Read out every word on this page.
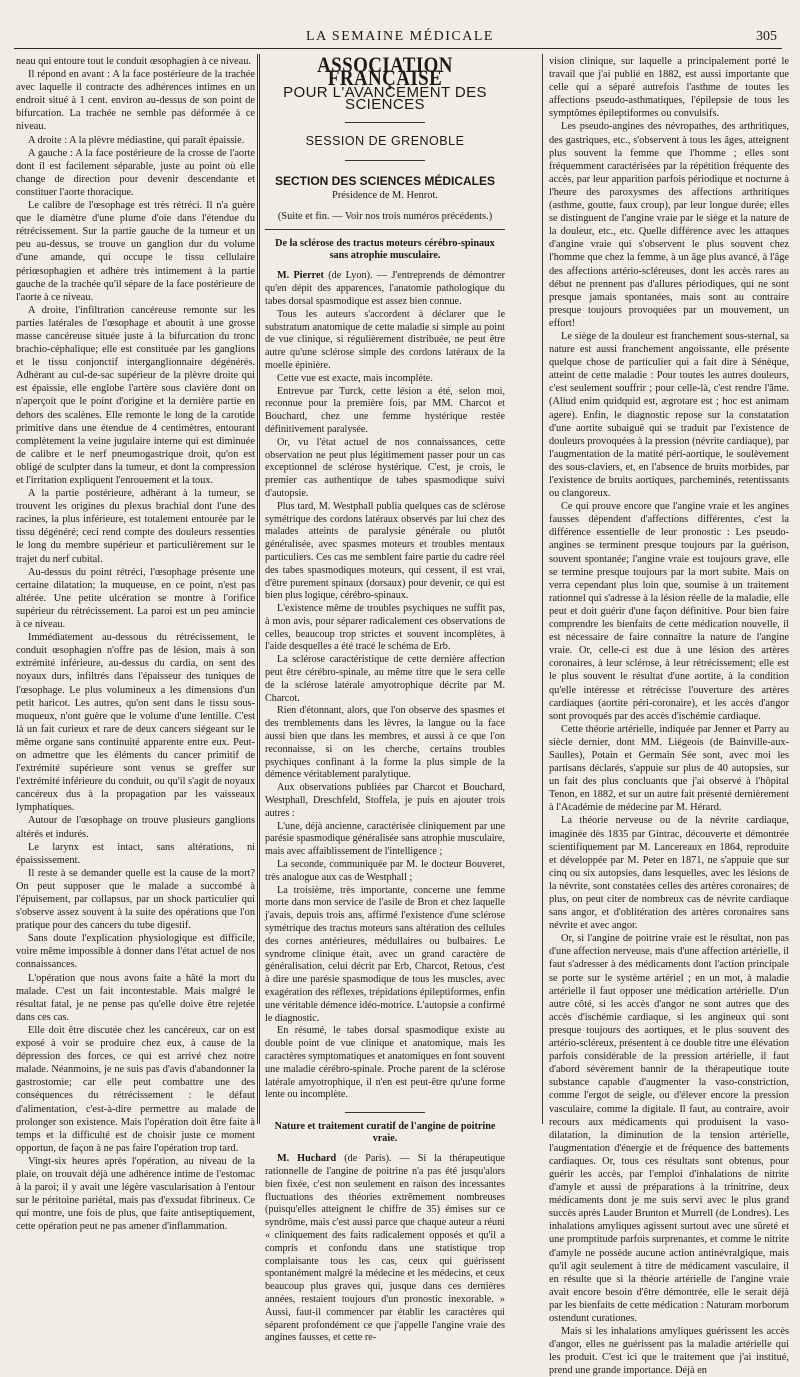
LA SEMAINE MÉDICALE	305

neau qui entoure tout le conduit œsophagien à ce niveau.

Il répond en avant : A la face postérieure de la trachée avec laquelle il contracte des adhérences intimes en un endroit situé à 1 cent. environ au-dessus de son point de bifurcation. La trachée ne semble pas déformée à ce niveau.

A droite : A la plèvre médiastine, qui paraît épaissie.

A gauche : A la face postérieure de la crosse de l'aorte dont il est facilement séparable, juste au point où elle change de direction pour devenir descendante et constituer l'aorte thoracique.

Le calibre de l'œsophage est très rétréci. Il n'a guère que le diamètre d'une plume d'oie dans l'étendue du rétrécissement. Sur la partie gauche de la tumeur et un peu au-dessus, se trouve un ganglion dur du volume d'une amande, qui occupe le tissu cellulaire périœsophagien et adhère très intimement à la partie gauche de la trachée qu'il sépare de la face postérieure de l'aorte à ce niveau.

A droite, l'infiltration cancéreuse remonte sur les parties latérales de l'œsophage et aboutit à une grosse masse cancéreuse située juste à la bifurcation du tronc brachio-céphalique; elle est constituée par les ganglions et le tissu conjonctif interganglionnaire dégénérés. Adhérant au cul-de-sac supérieur de la plèvre droite qui est épaissie, elle englobe l'artère sous clavière dont on n'aperçoit que le point d'origine et la dernière partie en dehors des scalènes. Elle remonte le long de la carotide primitive dans une étendue de 4 centimètres, entourant complètement la veine jugulaire interne qui est diminuée de calibre et le nerf pneumogastrique droit, qu'on est obligé de sculpter dans la tumeur, et dont la compression et l'irritation expliquent l'enrouement et la toux.

A la partie postérieure, adhérant à la tumeur, se trouvent les origines du plexus brachial dont l'une des racines, la plus inférieure, est totalement entourée par le tissu dégénéré; ceci rend compte des douleurs ressenties le long du membre supérieur et particulièrement sur le trajet du nerf cubital.

Au-dessus du point rétréci, l'œsophage présente une certaine dilatation; la muqueuse, en ce point, n'est pas altérée. Une petite ulcération se montre à l'orifice supérieur du rétrécissement. La paroi est un peu amincie à ce niveau.

Immédiatement au-dessous du rétrécissement, le conduit œsophagien n'offre pas de lésion, mais à son extrémité inférieure, au-dessus du cardia, on sent des noyaux durs, infiltrés dans l'épaisseur des tuniques de l'œsophage. Le plus volumineux a les dimensions d'un petit haricot. Les autres, qu'on sent dans le tissu sous-muqueux, n'ont guère que le volume d'une lentille. C'est là un fait curieux et rare de deux cancers siégeant sur le même organe sans continuité apparente entre eux. Peut-on admettre que les éléments du cancer primitif de l'extrémité supérieure sont venus se greffer sur l'extrémité inférieure du conduit, ou qu'il s'agit de noyaux cancéreux dus à la propagation par les vaisseaux lymphatiques.

Autour de l'œsophage on trouve plusieurs ganglions altérés et indurés.

Le larynx est intact, sans altérations, ni épaississement.

Il reste à se demander quelle est la cause de la mort? On peut supposer que le malade a succombé à l'épuisement, par collapsus, par un shock particulier qui s'observe assez souvent à la suite des opérations que l'on pratique pour des cancers du tube digestif.

Sans doute l'explication physiologique est difficile, voire même impossible à donner dans l'état actuel de nos connaissances.

L'opération que nous avons faite a hâté la mort du malade. C'est un fait incontestable. Mais malgré le résultat fatal, je ne pense pas qu'elle doive être rejetée dans ces cas.

Elle doit être discutée chez les cancéreux, car on est exposé à voir se produire chez eux, à cause de la dépression des forces, ce qui est arrivé chez notre malade. Néanmoins, je ne suis pas d'avis d'abandonner la gastrostomie; car elle peut combattre une des conséquences du rétrécissement : le défaut d'alimentation, c'est-à-dire permettre au malade de prolonger son existence. Mais l'opération doit être faite à temps et la difficulté est de choisir juste ce moment opportun, de façon à ne pas faire l'opération trop tard.

Vingt-six heures après l'opération, au niveau de la plaie, on trouvait déjà une adhérence intime de l'estomac à la paroi; il y avait une légère vascularisation à l'entour sur le péritoine pariétal, mais pas d'exsudat fibrineux. Ce qui montre, une fois de plus, que faite antiseptiquement, cette opération peut ne pas amener d'inflammation.

ASSOCIATION FRANÇAISE
POUR L'AVANCEMENT DES SCIENCES
SESSION DE GRENOBLE
SECTION DES SCIENCES MÉDICALES
Présidence de M. Henrot.
(Suite et fin. — Voir nos trois numéros précédents.)
De la sclérose des tractus moteurs cérébro-spinaux sans atrophie musculaire.

M. Pierret (de Lyon). — J'entreprends de démontrer qu'en dépit des apparences, l'anatomie pathologique du tabes dorsal spasmodique est assez bien connue.

Tous les auteurs s'accordent à déclarer que le substratum anatomique de cette maladie si simple au point de vue clinique, si régulièrement distribuée, ne peut être autre qu'une sclérose simple des cordons latéraux de la moelle épinière.

Cette vue est exacte, mais incomplète.

Entrevue par Turck, cette lésion a été, selon moi, reconnue pour la première fois, par MM. Charcot et Bouchard, chez une femme hystérique restée définitivement paralysée.

Or, vu l'état actuel de nos connaissances, cette observation ne peut plus légitimement passer pour un cas exceptionnel de sclérose hystérique. C'est, je crois, le premier cas authentique de tabes spasmodique suivi d'autopsie.

Plus tard, M. Westphall publia quelques cas de sclérose symétrique des cordons latéraux observés par lui chez des malades atteints de paralysie générale ou plutôt généralisée, avec spasmes moteurs et troubles mentaux particuliers. Ces cas me semblent faire partie du cadre réel des tabes spasmodiques moteurs, qui cessent, il est vrai, d'être purement spinaux (dorsaux) pour devenir, ce qui est bien plus logique, cérébro-spinaux.

L'existence même de troubles psychiques ne suffit pas, à mon avis, pour séparer radicalement ces observations de celles, beaucoup trop strictes et souvent incomplètes, à l'aide desquelles a été tracé le schéma de Erb.

La sclérose caractéristique de cette dernière affection peut être cérébro-spinale, au même titre que le sera celle de la sclérose latérale amyotrophique décrite par M. Charcot.

Rien d'étonnant, alors, que l'on observe des spasmes et des tremblements dans les lèvres, la langue ou la face aussi bien que dans les membres, et aussi à ce que l'on reconnaisse, si on les cherche, certains troubles psychiques confinant à la forme la plus simple de la démence véritablement paralytique.

Aux observations publiées par Charcot et Bouchard, Westphall, Dreschfeld, Stoffela, je puis en ajouter trois autres :

L'une, déjà ancienne, caractérisée cliniquement par une parésie spasmodique généralisée sans atrophie musculaire, mais avec affaiblissement de l'intelligence ;

La seconde, communiquée par M. le docteur Bouveret, très analogue aux cas de Westphall ;

La troisième, très importante, concerne une femme morte dans mon service de l'asile de Bron et chez laquelle j'avais, depuis trois ans, affirmé l'existence d'une sclérose symétrique des tractus moteurs sans altération des cellules des cornes antérieures, médullaires ou bulbaires. Le syndrome clinique était, avec un grand caractère de généralisation, celui décrit par Erb, Charcot, Retous, c'est à dire une parésie spasmodique de tous les muscles, avec exagération des réflexes, trépidations épileptiformes, enfin une véritable démence idéo-motrice. L'autopsie a confirmé le diagnostic.

En résumé, le tabes dorsal spasmodique existe au double point de vue clinique et anatomique, mais les caractères symptomatiques et anatomiques en font souvent une maladie cérébro-spinale. Proche parent de la sclérose latérale amyotrophique, il n'en est peut-être qu'une forme lente ou incomplète.

Nature et traitement curatif de l'angine de poitrine vraie.

M. Huchard (de Paris). — Si la thérapeutique rationnelle de l'angine de poitrine n'a pas été jusqu'alors bien fixée, c'est non seulement en raison des incessantes fluctuations des théories extrêmement nombreuses (puisqu'elles atteignent le chiffre de 35) émises sur ce syndrôme, mais c'est aussi parce que chaque auteur a réuni « cliniquement des faits radicalement opposés et qu'il a compris et confondu dans une statistique trop complaisante tous les cas, ceux qui guérissent spontanément malgré la médecine et les médecins, et ceux beaucoup plus graves qui, jusque dans ces dernières années, restaient toujours d'un pronostic inexorable. » Aussi, faut-il commencer par établir les caractères qui séparent profondément ce que j'appelle l'angine vraie des angines fausses, et cette re-

vision clinique, sur laquelle a principalement porté le travail que j'ai publié en 1882, est aussi importante que celle qui a séparé autrefois l'asthme de toutes les affections pseudo-asthmatiques, l'épilepsie de tous les symptômes épileptiformes ou convulsifs.

Les pseudo-angines des névropathes, des arthritiques, des gastriques, etc., s'observent à tous les âges, atteignent plus souvent la femme que l'homme ; elles sont fréquemment caractérisées par la répétition fréquente des accès, par leur apparition parfois périodique et nocturne à l'heure des paroxysmes des affections arthritiques (asthme, goutte, faux croup), par leur longue durée; elles se distinguent de l'angine vraie par le siège et la nature de la douleur, etc., etc. Quelle différence avec les attaques d'angine vraie qui s'observent le plus souvent chez l'homme que chez la femme, à un âge plus avancé, à l'âge des affections artério-scléreuses, dont les accès rares au début ne prennent pas d'allures périodiques, qui ne sont presque jamais spontanées, mais sont au contraire presque toujours provoquées par un mouvement, un effort!

Le siège de la douleur est franchement sous-sternal, sa nature est aussi franchement angoissante, elle présente quelque chose de particulier qui a fait dire à Sénèque, atteint de cette maladie : Pour toutes les autres douleurs, c'est seulement souffrir ; pour celle-là, c'est rendre l'âme. (Aliud enim quidquid est, ægrotare est ; hoc est animam agere). Enfin, le diagnostic repose sur la constatation d'une aortite subaiguë qui se traduit par l'existence de douleurs provoquées à la pression (névrite cardiaque), par l'augmentation de la matité péri-aortique, le soulèvement des sous-claviers, et, en l'absence de bruits morbides, par l'existence de bruits aortiques, parcheminés, retentissants ou clangoreux.

Ce qui prouve encore que l'angine vraie et les angines fausses dépendent d'affections différentes, c'est la différence essentielle de leur pronostic : Les pseudo-angines se terminent presque toujours par la guérison, souvent spontanée; l'angine vraie est toujours grave, elle se termine presque toujours par la mort subite. Mais on verra cependant plus loin que, soumise à un traitement rationnel qui s'adresse à la lésion réelle de la maladie, elle peut et doit guérir d'une façon définitive. Pour bien faire comprendre les bienfaits de cette médication nouvelle, il est nécessaire de faire connaître la nature de l'angine vraie. Or, celle-ci est due à une lésion des artères coronaires, à leur sclérose, à leur rétrécissement; elle est le plus souvent le résultat d'une aortite, à la condition qu'elle intéresse et rétrécisse l'ouverture des artères cardiaques (aortite péri-coronaire), et les accès d'angor sont provoqués par des accès d'ischémie cardiaque.

Cette théorie artérielle, indiquée par Jenner et Parry au siècle dernier, dont MM. Liégeois (de Bainville-aux-Saulles), Potain et Germain Sée sont, avec moi les partisans déclarés, s'appuie sur plus de 40 autopsies, sur un fait des plus concluants que j'ai observé à l'hôpital Tenon, en 1882, et sur un autre fait présenté dernièrement à l'Académie de médecine par M. Hérard.

La théorie nerveuse ou de la névrite cardiaque, imaginée dès 1835 par Gintrac, découverte et démontrée scientifiquement par M. Lancereaux en 1864, reproduite et développée par M. Peter en 1871, ne s'appuie que sur cinq ou six autopsies, dans lesquelles, avec les lésions de la névrite, sont constatées celles des artères coronaires; de plus, on peut citer de nombreux cas de névrite cardiaque sans angor, et d'oblitération des artères coronaires sans névrite et avec angor.

Or, si l'angine de poitrine vraie est le résultat, non pas d'une affection nerveuse, mais d'une affection artérielle, il faut s'adresser à des médicaments dont l'action principale se porte sur le système artériel ; en un mot, à maladie artérielle il faut opposer une médication artérielle. D'un autre côté, si les accès d'angor ne sont autres que des accès d'ischémie cardiaque, si les angineux qui sont presque toujours des aortiques, et le plus souvent des artério-scléreux, présentent à ce double titre une élévation parfois considérable de la pression artérielle, il faut d'abord sévèrement bannir de la thérapeutique toute substance capable d'augmenter la vaso-constriction, comme l'ergot de seigle, ou d'élever encore la pression vasculaire, comme la digitale. Il faut, au contraire, avoir recours aux médicaments qui produisent la vaso-dilatation, la diminution de la tension artérielle, l'augmentation d'énergie et de fréquence des battements cardiaques. Or, tous ces résultats sont obtenus, pour guérir les accès, par l'emploi d'inhalations de nitrite d'amyle et aussi de préparations à la trinitrine, deux médicaments dont je me suis servi avec le plus grand succès après Lauder Brunton et Murrell (de Londres). Les inhalations amyliques agissent surtout avec une sûreté et une promptitude parfois surprenantes, et comme le nitrite d'amyle ne possède aucune action antinévralgique, mais qu'il agit seulement à titre de médicament vasculaire, il en résulte que si la théorie artérielle de l'angine vraie avait encore besoin d'être démontrée, elle le serait déjà par les bienfaits de cette médication : Naturam morborum ostendunt curationes.

Mais si les inhalations amyliques guérissent les accès d'angor, elles ne guérissent pas la maladie artérielle qui les produit. C'est ici que le traitement que j'ai institué, prend une grande importance. Déjà en
